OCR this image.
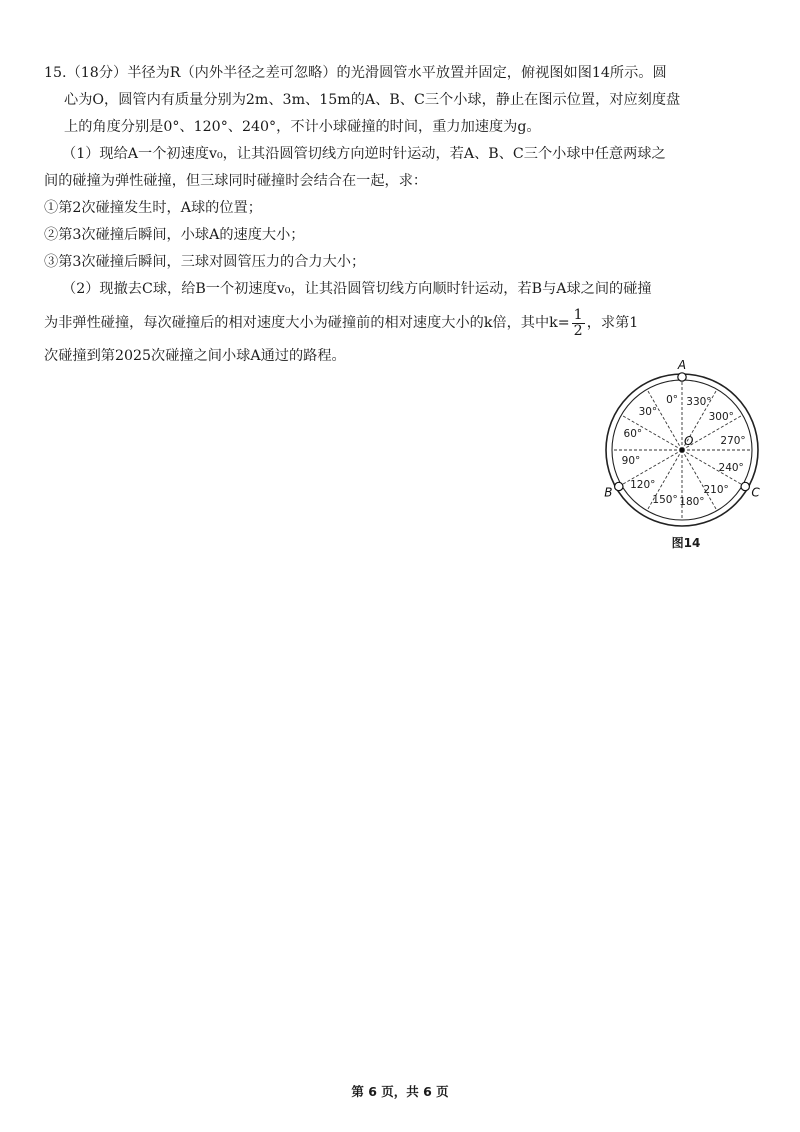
15.（18分）半径为R（内外半径之差可忽略）的光滑圆管水平放置并固定，俯视图如图14所示。圆
心为O，圆管内有质量分别为2m、3m、15m的A、B、C三个小球，静止在图示位置，对应刻度盘
上的角度分别是0°、120°、240°，不计小球碰撞的时间，重力加速度为g。
（1）现给A一个初速度v₀，让其沿圆管切线方向逆时针运动，若A、B、C三个小球中任意两球之
间的碰撞为弹性碰撞，但三球同时碰撞时会结合在一起，求：
①第2次碰撞发生时，A球的位置；
②第3次碰撞后瞬间，小球A的速度大小；
③第3次碰撞后瞬间，三球对圆管压力的合力大小；
（2）现撤去C球，给B一个初速度v₀，让其沿圆管切线方向顺时针运动，若B与A球之间的碰撞
为非弹性碰撞，每次碰撞后的相对速度大小为碰撞前的相对速度大小的k倍，其中$k= \frac{1}{2}$ ，求第1
次碰撞到第2025次碰撞之间小球A通过的路程。
0°
30°
60°
90°
120°
150° 180°
210°
240°
270°
300°
330°
O
A
B	C
图14
第 6 页，共 6 页
